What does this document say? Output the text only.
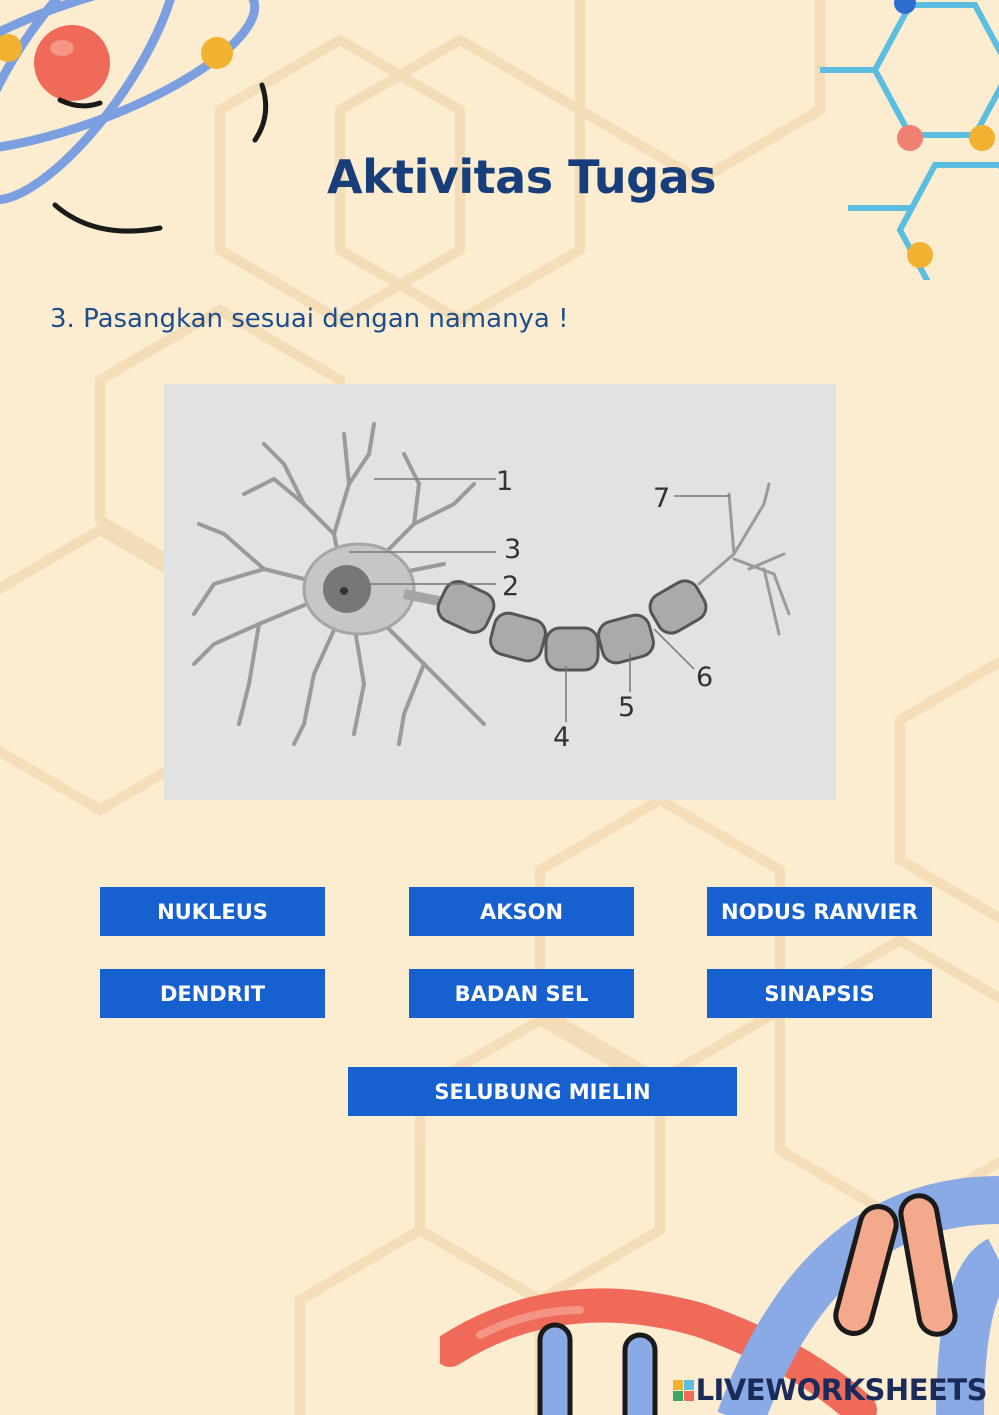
Aktivitas Tugas
3. Pasangkan sesuai dengan namanya !
1
2
3
4
5
6
7
NUKLEUS	AKSON	NODUS RANVIER
DENDRIT	BADAN SEL	SINAPSIS
SELUBUNG MIELIN
LIVEWORKSHEETS
